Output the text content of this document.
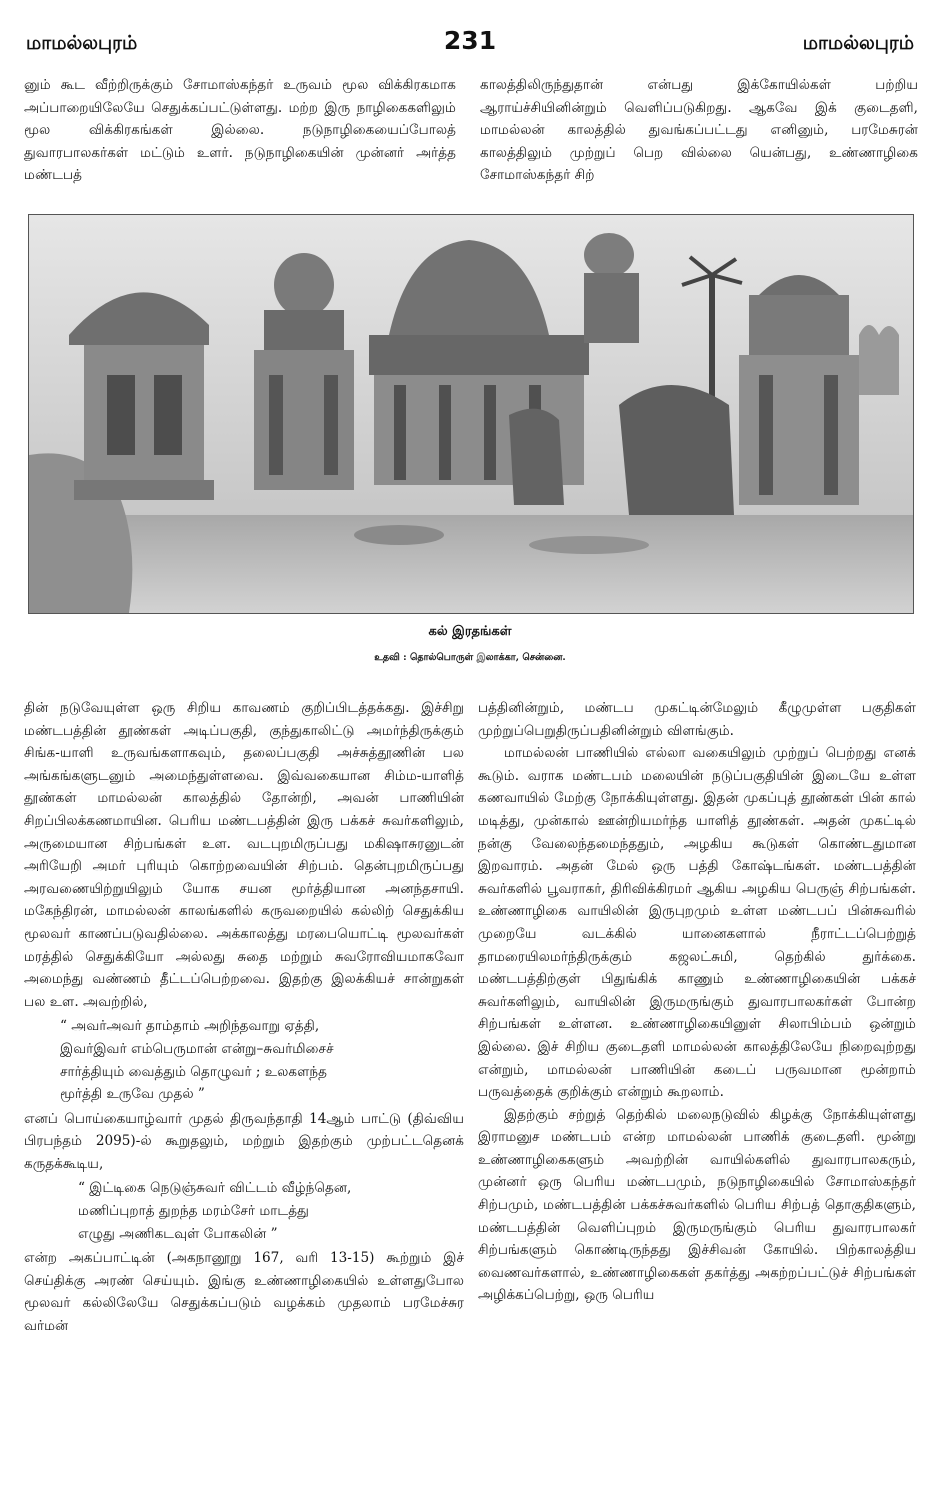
மாமல்லபுரம்	231	மாமல்லபுரம்

னும் கூட வீற்றிருக்கும் சோமாஸ்கந்தர் உருவம் மூல விக்கிரகமாக அப்பாறையிலேயே செதுக்கப்பட்டுள்ளது. மற்ற இரு நாழிகைகளிலும் மூல விக்கிரகங்கள் இல்லை. நடுநாழிகையைப்போலத் துவாரபாலகர்கள் மட்டும் உளர். நடுநாழிகையின் முன்னர் அர்த்த மண்டபத்

காலத்திலிருந்துதான் என்பது இக்கோயில்கள் பற்றிய ஆராய்ச்சியினின்றும் வெளிப்படுகிறது. ஆகவே இக் குடைதளி, மாமல்லன் காலத்தில் துவங்கப்பட்டது எனினும், பரமேசுரன் காலத்திலும் முற்றுப் பெற வில்லை யென்பது, உண்ணாழிகை சோமாஸ்கந்தர் சிற்

கல் இரதங்கள்
உதவி : தொல்பொருள் இலாக்கா, சென்னை.

தின் நடுவேயுள்ள ஒரு சிறிய காவணம் குறிப்பிடத்தக்கது. இச்சிறு மண்டபத்தின் தூண்கள் அடிப்பகுதி, குந்துகாலிட்டு அமர்ந்திருக்கும் சிங்க-யாளி உருவங்களாகவும், தலைப்பகுதி அச்சுத்தூணின் பல அங்கங்களுடனும் அமைந்துள்ளவை. இவ்வகையான சிம்ம-யாளித் தூண்கள் மாமல்லன் காலத்தில் தோன்றி, அவன் பாணியின் சிறப்பிலக்கணமாயின. பெரிய மண்டபத்தின் இரு பக்கச் சுவர்களிலும், அருமையான சிற்பங்கள் உள. வடபுறமிருப்பது மகிஷாசுரனுடன் அரியேறி அமர் புரியும் கொற்றவையின் சிற்பம். தென்புறமிருப்பது அரவணையிற்றுயிலும் யோக சயன மூர்த்தியான அனந்தசாயி. மகேந்திரன், மாமல்லன் காலங்களில் கருவறையில் கல்லிற் செதுக்கிய மூலவர் காணப்படுவதில்லை. அக்காலத்து மரபையொட்டி மூலவர்கள் மரத்தில் செதுக்கியோ அல்லது சுதை மற்றும் சுவரோவியமாகவோ அமைந்து வண்ணம் தீட்டப்பெற்றவை. இதற்கு இலக்கியச் சான்றுகள் பல உள. அவற்றில்,

“ அவர்அவர் தாம்தாம் அறிந்தவாறு ஏத்தி,
இவர்இவர் எம்பெருமான் என்று–சுவர்மிசைச்
சார்த்தியும் வைத்தும் தொழுவர் ; உலகளந்த
மூர்த்தி உருவே முதல் ”

எனப் பொய்கையாழ்வார் முதல் திருவந்தாதி 14ஆம் பாட்டு (திவ்விய பிரபந்தம் 2095)-ல் கூறுதலும், மற்றும் இதற்கும் முற்பட்டதெனக் கருதக்கூடிய,

“ இட்டிகை நெடுஞ்சுவர் விட்டம் வீழ்ந்தென,
மணிப்புறாத் துறந்த மரம்சேர் மாடத்து
எழுது அணிகடவுள் போகலின் ”

என்ற அகப்பாட்டின் (அகநானூறு 167, வரி 13-15) கூற்றும் இச் செய்திக்கு அரண் செய்யும். இங்கு உண்ணாழிகையில் உள்ளதுபோல மூலவர் கல்லிலேயே செதுக்கப்படும் வழக்கம் முதலாம் பரமேச்சுர வர்மன்

பத்தினின்றும், மண்டப முகட்டின்மேலும் கீழுமுள்ள பகுதிகள் முற்றுப்பெறுதிருப்பதினின்றும் விளங்கும்.

மாமல்லன் பாணியில் எல்லா வகையிலும் முற்றுப் பெற்றது எனக் கூடும். வராக மண்டபம் மலையின் நடுப்பகுதியின் இடையே உள்ள கணவாயில் மேற்கு நோக்கியுள்ளது. இதன் முகப்புத் தூண்கள் பின் கால் மடித்து, முன்கால் ஊன்றியமர்ந்த யாளித் தூண்கள். அதன் முகட்டில் நன்கு வேலைந்தமைந்ததும், அழகிய கூடுகள் கொண்டதுமான இறவாரம். அதன் மேல் ஒரு பத்தி கோஷ்டங்கள். மண்டபத்தின் சுவர்களில் பூவராகர், திரிவிக்கிரமர் ஆகிய அழகிய பெருஞ் சிற்பங்கள். உண்ணாழிகை வாயிலின் இருபுறமும் உள்ள மண்டபப் பின்சுவரில் முறையே வடக்கில் யானைகளால் நீராட்டப்பெற்றுத் தாமரையிலமர்ந்திருக்கும் கஜலட்சுமி, தெற்கில் துர்க்கை. மண்டபத்திற்குள் பிதுங்கிக் காணும் உண்ணாழிகையின் பக்கச் சுவர்களிலும், வாயிலின் இருமருங்கும் துவாரபாலகர்கள் போன்ற சிற்பங்கள் உள்ளன. உண்ணாழிகையினுள் சிலாபிம்பம் ஒன்றும் இல்லை. இச் சிறிய குடைதளி மாமல்லன் காலத்திலேயே நிறைவுற்றது என்றும், மாமல்லன் பாணியின் கடைப் பருவமான மூன்றாம் பருவத்தைக் குறிக்கும் என்றும் கூறலாம்.

இதற்கும் சற்றுத் தெற்கில் மலைநடுவில் கிழக்கு நோக்கியுள்ளது இராமனுச மண்டபம் என்ற மாமல்லன் பாணிக் குடைதளி. மூன்று உண்ணாழிகைகளும் அவற்றின் வாயில்களில் துவாரபாலகரும், முன்னர் ஒரு பெரிய மண்டபமும், நடுநாழிகையில் சோமாஸ்கந்தர் சிற்பமும், மண்டபத்தின் பக்கச்சுவர்களில் பெரிய சிற்பத் தொகுதிகளும், மண்டபத்தின் வெளிப்புறம் இருமருங்கும் பெரிய துவாரபாலகர் சிற்பங்களும் கொண்டிருந்தது இச்சிவன் கோயில். பிற்காலத்திய வைணவர்களால், உண்ணாழிகைகள் தகர்த்து அகற்றப்பட்டுச் சிற்பங்கள் அழிக்கப்பெற்று, ஒரு பெரிய
